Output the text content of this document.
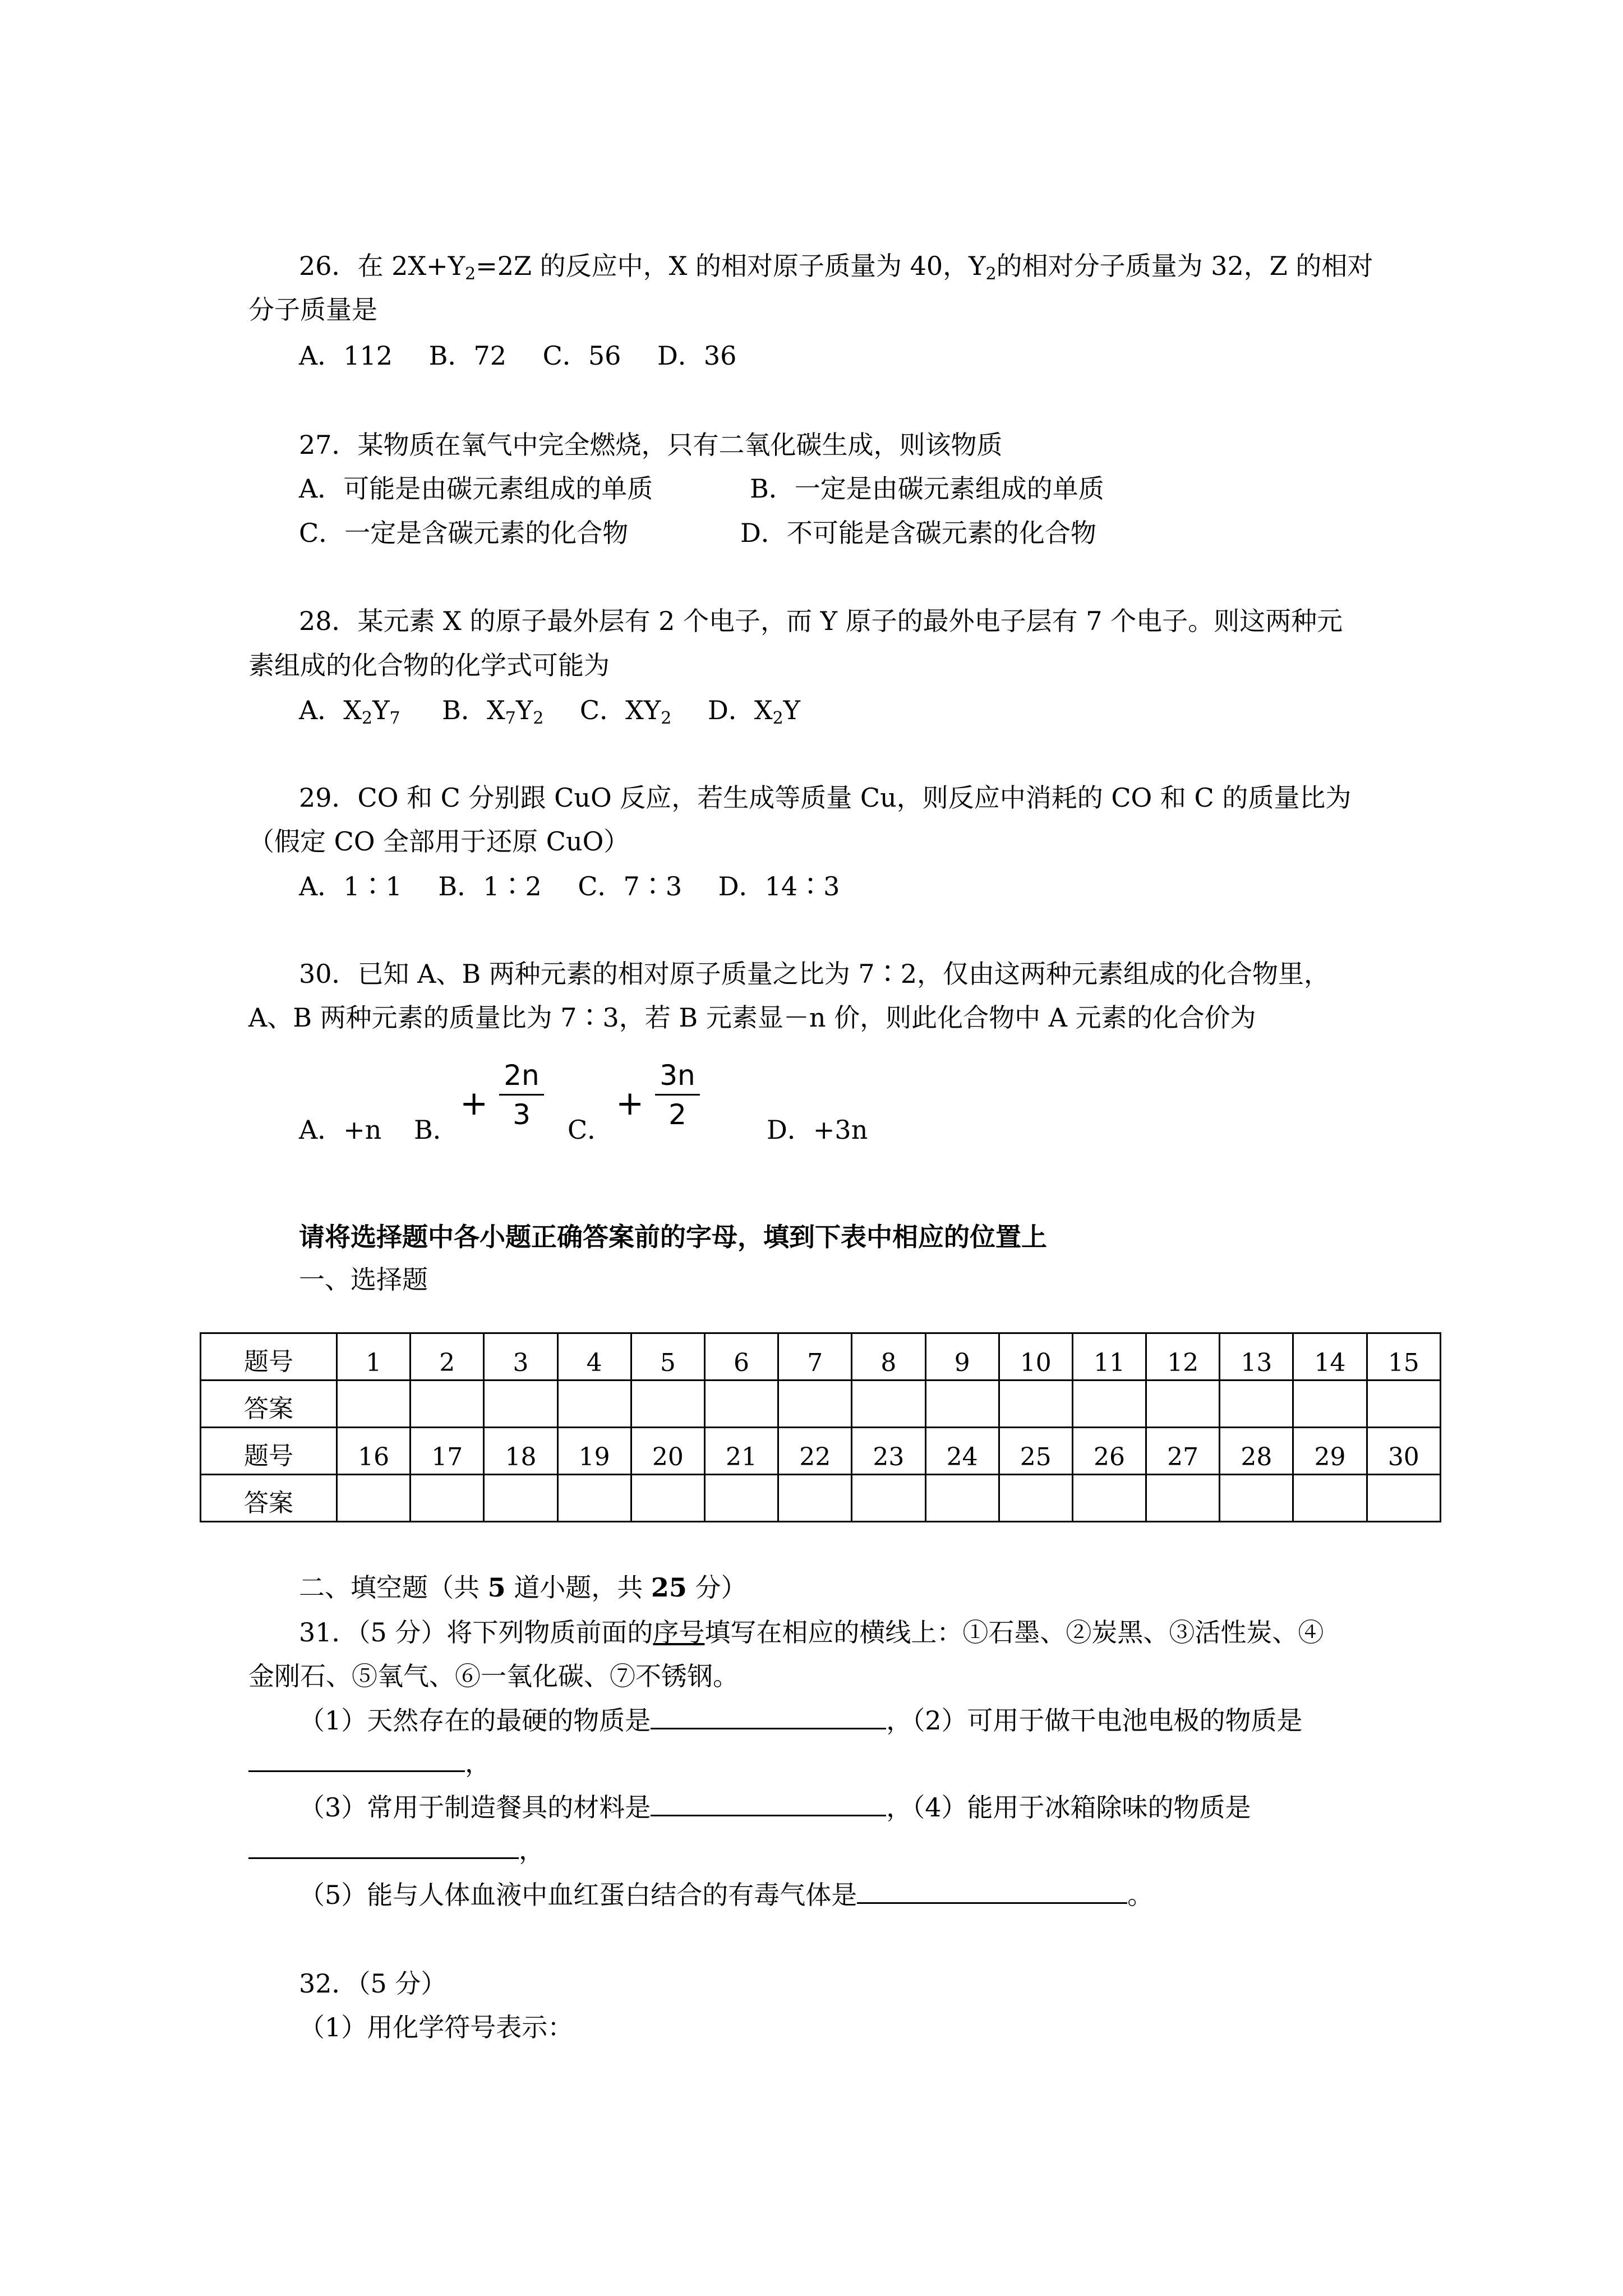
26．在 $2X+Y_2=2Z$ 的反应中，X 的相对原子质量为 40，$Y_2$的相对分子质量为 32，Z 的相对
分子质量是
A．112 B．72 C．56 D．36
27．某物质在氧气中完全燃烧，只有二氧化碳生成，则该物质
A．可能是由碳元素组成的单质	B．一定是由碳元素组成的单质
C．一定是含碳元素的化合物	D．不可能是含碳元素的化合物
28．某元素 X 的原子最外层有 2 个电子，而 Y 原子的最外电子层有 7 个电子。则这两种元
素组成的化合物的化学式可能为
A．$X_2Y_7$ B．$X_7Y_2$ C．$XY_2$ D．$X_2Y$
29．CO 和 C 分别跟 CuO 反应，若生成等质量 Cu，则反应中消耗的 CO 和 C 的质量比为
（假定 CO 全部用于还原 CuO）
A．1∶1 B．1∶2 C．7∶3 D．14∶3
30．已知 A、B 两种元素的相对原子质量之比为 7∶2，仅由这两种元素组成的化合物里，
A、B 两种元素的质量比为 7∶3，若 B 元素显－n 价，则此化合物中 A 元素的化合价为
+
2n
3	+
3n
2
A．+n B．	C．	D．+3n
请将选择题中各小题正确答案前的字母，填到下表中相应的位置上
一、选择题
题号	1	2	3	4	5	6	7	8	9	10	11	12	13	14	15
答案															
题号	16	17	18	19	20	21	22	23	24	25	26	27	28	29	30
答案															
二、填空题（共 5 道小题，共 25 分）
31．（5 分）将下列物质前面的序号填写在相应的横线上：①石墨、②炭黑、③活性炭、④
金刚石、⑤氧气、⑥一氧化碳、⑦不锈钢。
（1）天然存在的最硬的物质是	，（2）可用于做干电池电极的物质是
，
（3）常用于制造餐具的材料是	，（4）能用于冰箱除味的物质是
，
（5）能与人体血液中血红蛋白结合的有毒气体是	。
32．（5 分）
（1）用化学符号表示：
